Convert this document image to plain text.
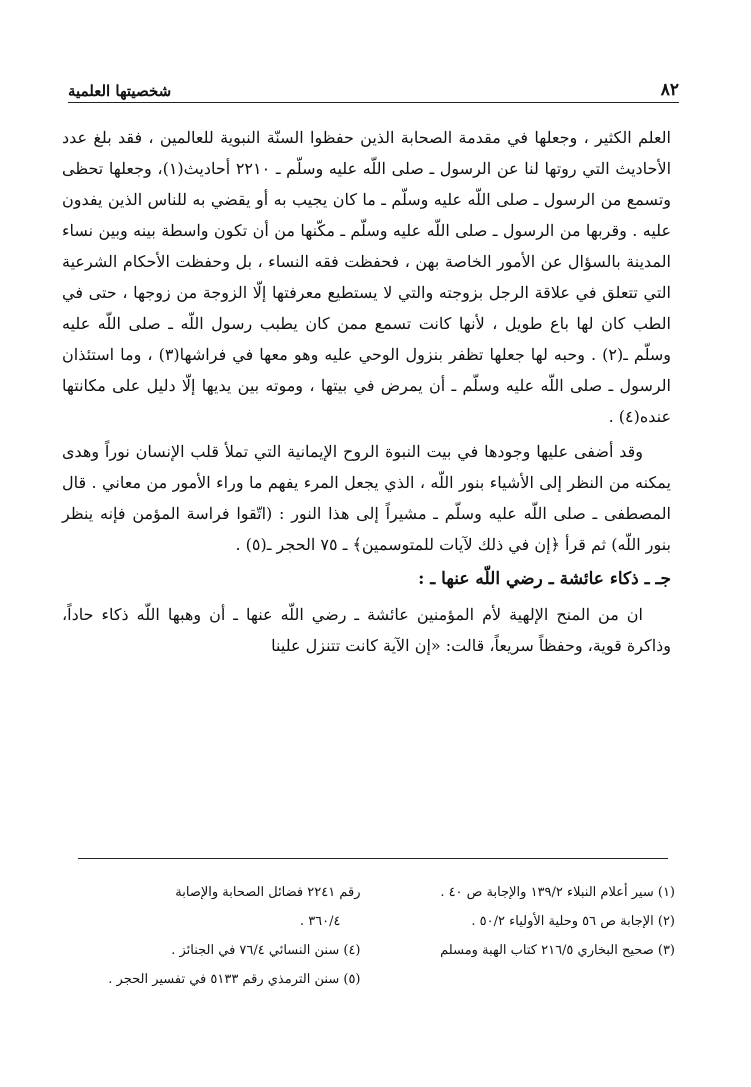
شخصيتها العلمية	٨٢

العلم الكثير ، وجعلها في مقدمة الصحابة الذين حفظوا السنّة النبوية للعالمين ، فقد بلغ عدد الأحاديث التي روتها لنا عن الرسول ـ صلى اللّه عليه وسلّم ـ ٢٢١٠ أحاديث(١)، وجعلها تحظى وتسمع من الرسول ـ صلى اللّه عليه وسلّم ـ ما كان يجيب به أو يقضي به للناس الذين يفدون عليه . وقربها من الرسول ـ صلى اللّه عليه وسلّم ـ مكّنها من أن تكون واسطة بينه وبين نساء المدينة بالسؤال عن الأمور الخاصة بهن ، فحفظت فقه النساء ، بل وحفظت الأحكام الشرعية التي تتعلق في علاقة الرجل بزوجته والتي لا يستطيع معرفتها إلّا الزوجة من زوجها ، حتى في الطب كان لها باع طويل ، لأنها كانت تسمع ممن كان يطبب رسول اللّه ـ صلى اللّه عليه وسلّم ـ(٢) . وحبه لها جعلها تظفر بنزول الوحي عليه وهو معها في فراشها(٣) ، وما استئذان الرسول ـ صلى اللّه عليه وسلّم ـ أن يمرض في بيتها ، وموته بين يديها إلّا دليل على مكانتها عنده(٤) .

وقد أضفى عليها وجودها في بيت النبوة الروح الإيمانية التي تملأ قلب الإنسان نوراً وهدى يمكنه من النظر إلى الأشياء بنور اللّه ، الذي يجعل المرء يفهم ما وراء الأمور من معاني . قال المصطفى ـ صلى اللّه عليه وسلّم ـ مشيراً إلى هذا النور : (اتّقوا فراسة المؤمن فإنه ينظر بنور اللّه) ثم قرأ ﴿إن في ذلك لآيات للمتوسمين﴾ ـ ٧٥ الحجر ـ(٥) .

جـ ـ ذكاء عائشة ـ رضي اللّه عنها ـ :

ان من المنح الإلهية لأم المؤمنين عائشة ـ رضي اللّه عنها ـ أن وهبها اللّه ذكاء حاداً، وذاكرة قوية، وحفظاً سريعاً، قالت: «إن الآية كانت تتنزل علينا

(١) سير أعلام النبلاء ١٣٩/٢ والإجابة ص ٤٠ .

(٢) الإجابة ص ٥٦ وحلية الأولياء ٥٠/٢ .

(٣) صحيح البخاري ٢١٦/٥ كتاب الهبة ومسلم

رقم ٢٢٤١ فضائل الصحابة والإصابة

٣٦٠/٤ .

(٤) سنن النسائي ٧٦/٤ في الجنائز .

(٥) سنن الترمذي رقم ٥١٣٣ في تفسير الحجر .
